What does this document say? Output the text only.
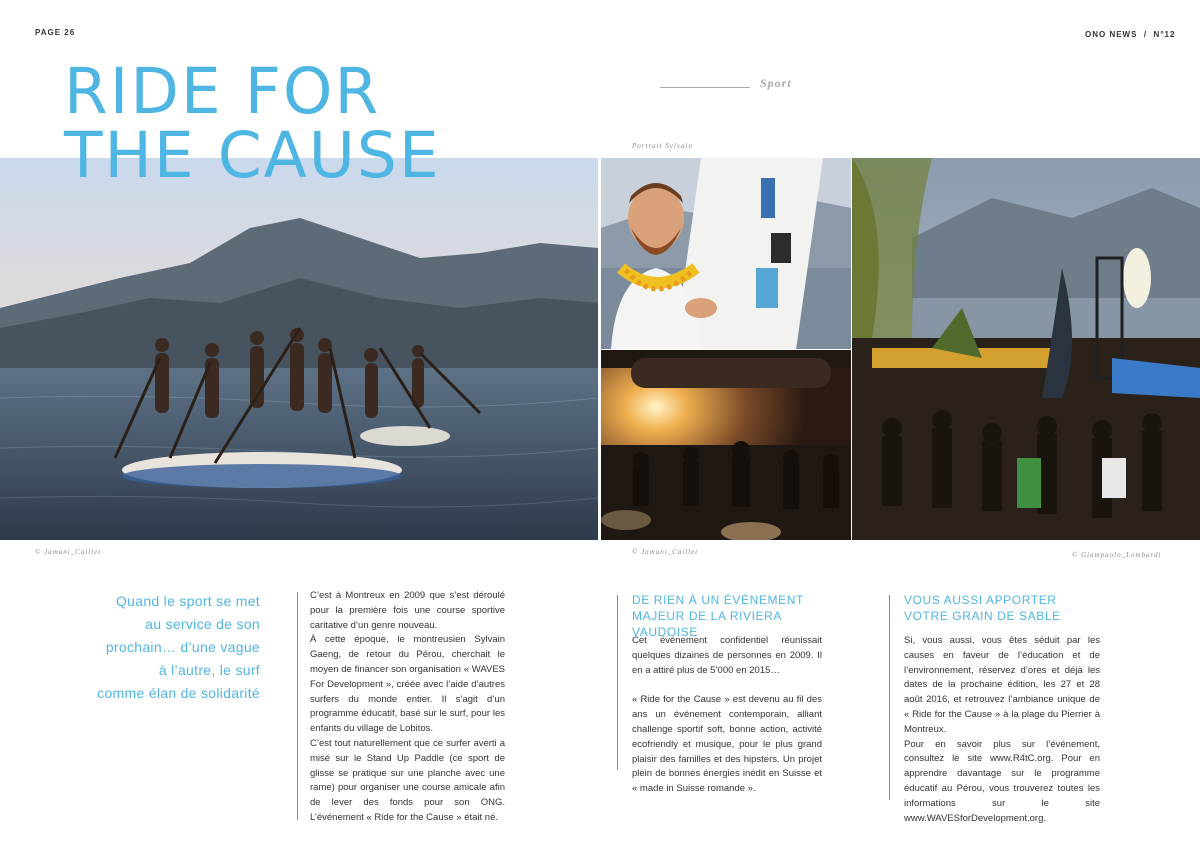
PAGE 26	ONO NEWS  /  N°12
Sport
RIDE FOR
THE CAUSE
© Jamani_Caillet
Portrait Sylvain
© Jamani_Caillet	© Giampaolo_Lombardi
Quand le sport se met
au service de son
prochain… d’une vague
à l’autre, le surf
comme élan de solidarité

C’est à Montreux en 2009 que s’est déroulé pour la première fois une course sportive caritative d’un genre nouveau.

À cette époque, le montreusien Sylvain Gaeng, de retour du Pérou, cherchait le moyen de financer son organisation « WAVES For Development », créée avec l’aide d’autres surfers du monde entier. Il s’agit d’un programme éducatif, basé sur le surf, pour les enfants du village de Lobitos.

C’est tout naturellement que ce surfer averti a misé sur le Stand Up Paddle (ce sport de glisse se pratique sur une planche avec une rame) pour organiser une course amicale afin de lever des fonds pour son ONG. L’événement « Ride for the Cause » était né.

DE RIEN À UN ÉVÉNEMENT MAJEUR DE LA RIVIERA VAUDOISE

Cet événement confidentiel réunissait quelques dizaines de personnes en 2009. Il en a attiré plus de 5’000 en 2015…

« Ride for the Cause » est devenu au fil des ans un événement contemporain, alliant challenge sportif soft, bonne action, activité ecofriendly et musique, pour le plus grand plaisir des familles et des hipsters. Un projet plein de bonnes énergies inédit en Suisse et « made in Suisse romande ».

VOUS AUSSI APPORTER VOTRE GRAIN DE SABLE

Si, vous aussi, vous êtes séduit par les causes en faveur de l’éducation et de l’environnement, réservez d’ores et déjà les dates de la prochaine édition, les 27 et 28 août 2016, et retrouvez l’ambiance unique de « Ride for the Cause » à la plage du Pierrier à Montreux.

Pour en savoir plus sur l’événement, consultez le site www.R4tC.org. Pour en apprendre davantage sur le programme éducatif au Pérou, vous trouverez toutes les informations sur le site www.WAVESforDevelopment.org.
